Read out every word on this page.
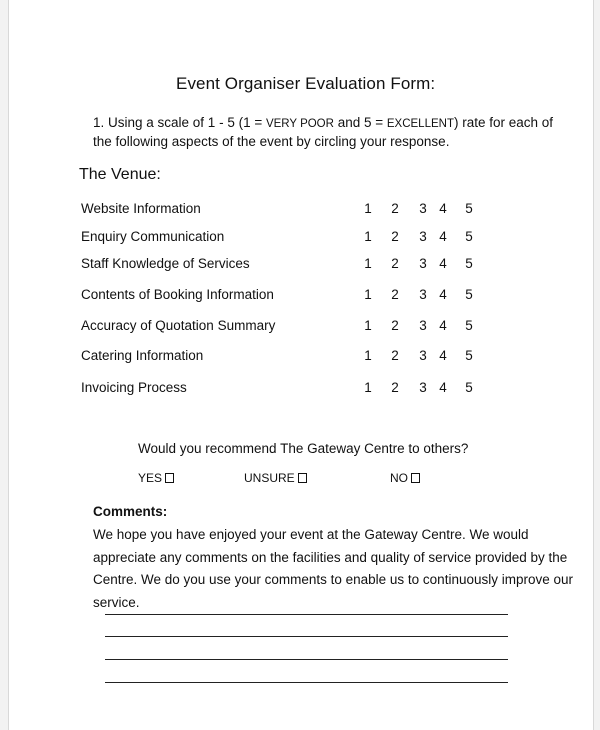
Event Organiser Evaluation Form:
1. Using a scale of 1 - 5 (1 = VERY POOR and 5 = EXCELLENT) rate for each of the following aspects of the event by circling your response.
The Venue:
Website Information	1 2 3 4 5
Enquiry Communication	1 2 3 4 5
Staff Knowledge of Services	1 2 3 4 5
Contents of Booking Information	1 2 3 4 5
Accuracy of Quotation Summary	1 2 3 4 5
Catering Information	1 2 3 4 5
Invoicing Process	1 2 3 4 5
Would you recommend The Gateway Centre to others?
YES	UNSURE	NO
Comments:
We hope you have enjoyed your event at the Gateway Centre. We would appreciate any comments on the facilities and quality of service provided by the Centre. We do you use your comments to enable us to continuously improve our service.
